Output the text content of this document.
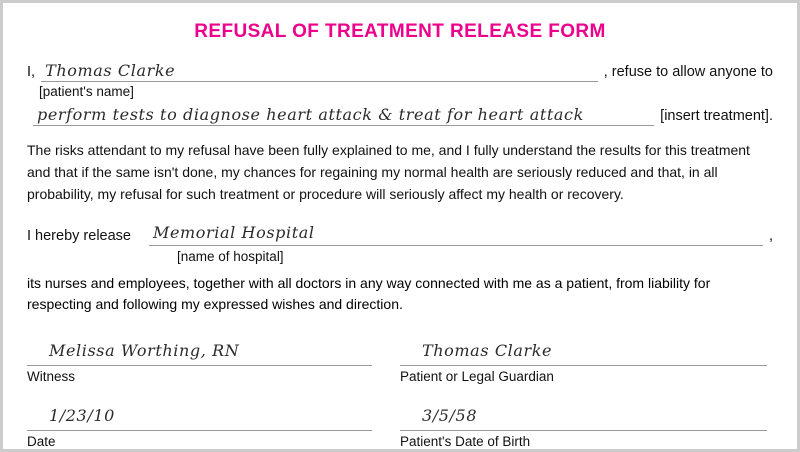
REFUSAL OF TREATMENT RELEASE FORM
I, Thomas Clarke	, refuse to allow anyone to
[patient's name]
perform tests to diagnose heart attack & treat for heart attack	[insert treatment].
The risks attendant to my refusal have been fully explained to me, and I fully understand the results for this treatment and that if the same isn't done, my chances for regaining my normal health are seriously reduced and that, in all probability, my refusal for such treatment or procedure will seriously affect my health or recovery.
I hereby release Memorial Hospital	,
[name of hospital]
its nurses and employees, together with all doctors in any way connected with me as a patient, from liability for respecting and following my expressed wishes and direction.
Melissa Worthing, RN
Witness
Thomas Clarke
Patient or Legal Guardian
1/23/10
Date
3/5/58
Patient's Date of Birth
